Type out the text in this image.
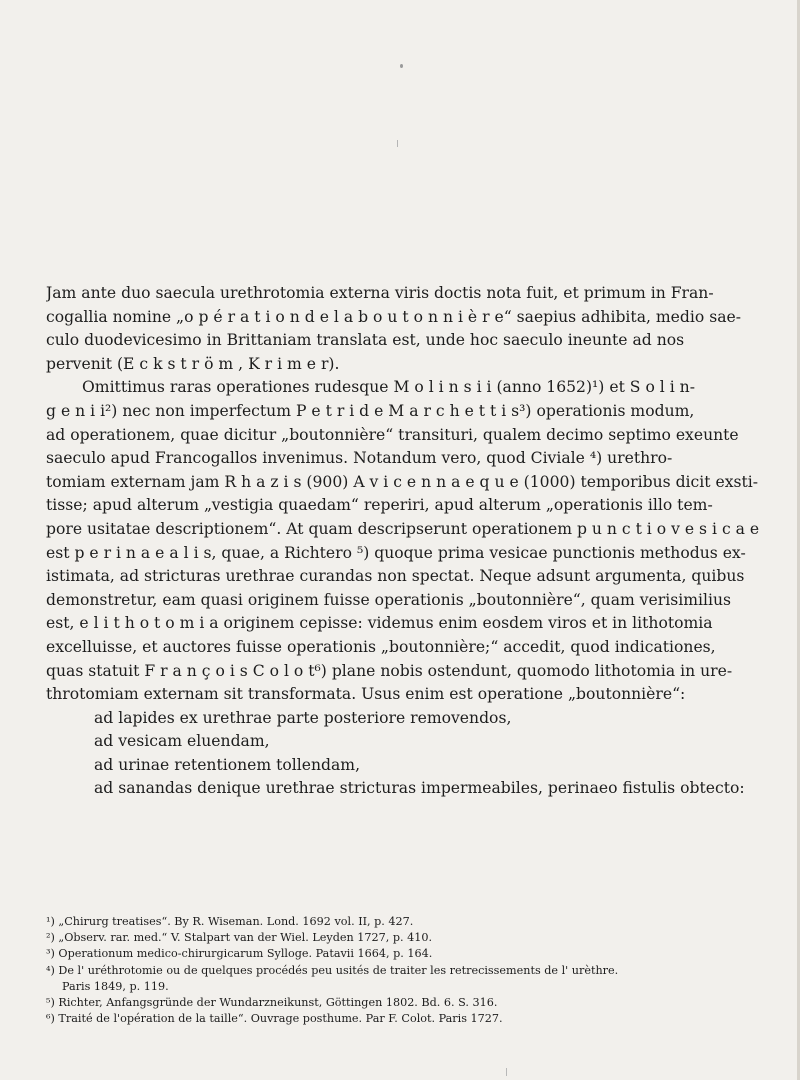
Jam ante duo saecula urethrotomia externa viris doctis nota fuit, et primum in Fran-
cogallia nomine „o p é r a t i o n d e l a b o u t o n n i è r e“ saepius adhibita, medio sae-
culo duodevicesimo in Brittaniam translata est, unde hoc saeculo ineunte ad nos
pervenit (E c k s t r ö m , K r i m e r).
Omittimus raras operationes rudesque M o l i n s i i (anno 1652)¹) et S o l i n-
g e n i i²) nec non imperfectum P e t r i d e M a r c h e t t i s³) operationis modum,
ad operationem, quae dicitur „boutonnière“ transituri, qualem decimo septimo exeunte
saeculo apud Francogallos invenimus. Notandum vero, quod Civiale ⁴) urethro-
tomiam externam jam R h a z i s (900) A v i c e n n a e q u e (1000) temporibus dicit exsti-
tisse; apud alterum „vestigia quaedam“ reperiri, apud alterum „operationis illo tem-
pore usitatae descriptionem“. At quam descripserunt operationem p u n c t i o v e s i c a e
est p e r i n a e a l i s, quae, a Richtero ⁵) quoque prima vesicae punctionis methodus ex-
istimata, ad stricturas urethrae curandas non spectat. Neque adsunt argumenta, quibus
demonstretur, eam quasi originem fuisse operationis „boutonnière“, quam verisimilius
est, e l i t h o t o m i a originem cepisse: videmus enim eosdem viros et in lithotomia
excelluisse, et auctores fuisse operationis „boutonnière;“ accedit, quod indicationes,
quas statuit F r a n ç o i s C o l o t⁶) plane nobis ostendunt, quomodo lithotomia in ure-
throtomiam externam sit transformata. Usus enim est operatione „boutonnière“:
ad lapides ex urethrae parte posteriore removendos,
ad vesicam eluendam,
ad urinae retentionem tollendam,
ad sanandas denique urethrae stricturas impermeabiles, perinaeo fistulis obtecto:
¹) „Chirurg treatises“. By R. Wiseman. Lond. 1692 vol. II, p. 427.
²) „Observ. rar. med.“ V. Stalpart van der Wiel. Leyden 1727, p. 410.
³) Operationum medico-chirurgicarum Sylloge. Patavii 1664, p. 164.
⁴) De l' uréthrotomie ou de quelques procédés peu usités de traiter les retrecissements de l' urèthre.
Paris 1849, p. 119.
⁵) Richter, Anfangsgründe der Wundarzneikunst, Göttingen 1802. Bd. 6. S. 316.
⁶) Traité de l'opération de la taille“. Ouvrage posthume. Par F. Colot. Paris 1727.
